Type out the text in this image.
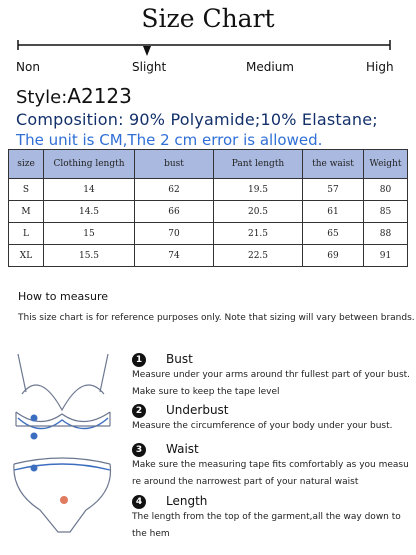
Size Chart
Non	Slight	Medium	High
Style:A2123
Composition: 90% Polyamide;10% Elastane;
The unit is CM,The 2 cm error is allowed.
size	Clothing length	bust	Pant length	the waist	Weight
S	14	62	19.5	57	80
M	14.5	66	20.5	61	85
L	15	70	21.5	65	88
XL	15.5	74	22.5	69	91
How to measure
This size chart is for reference purposes only. Note that sizing will vary between brands.
1	Bust
Measure under your arms around thr fullest part of your bust.
Make sure to keep the tape level
2	Underbust
Measure the circumference of your body under your bust.
3	Waist
Make sure the measuring tape fits comfortably as you measu
re around the narrowest part of your natural waist
4	Length
The length from the top of the garment,all the way down to
the hem
